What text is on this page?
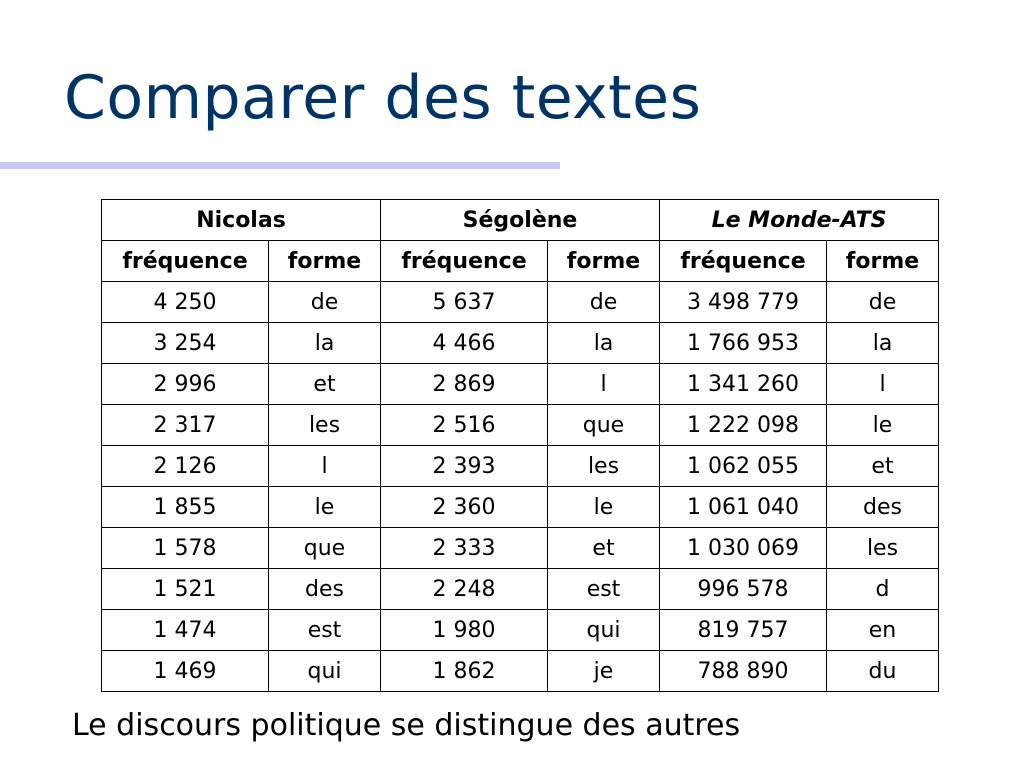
Comparer des textes
Nicolas		Ségolène		Le Monde-ATS	
fréquence	forme	fréquence	forme	fréquence	forme
4 250	de	5 637	de	3 498 779	de
3 254	la	4 466	la	1 766 953	la
2 996	et	2 869	l	1 341 260	l
2 317	les	2 516	que	1 222 098	le
2 126	l	2 393	les	1 062 055	et
1 855	le	2 360	le	1 061 040	des
1 578	que	2 333	et	1 030 069	les
1 521	des	2 248	est	996 578	d
1 474	est	1 980	qui	819 757	en
1 469	qui	1 862	je	788 890	du
Le discours politique se distingue des autres
